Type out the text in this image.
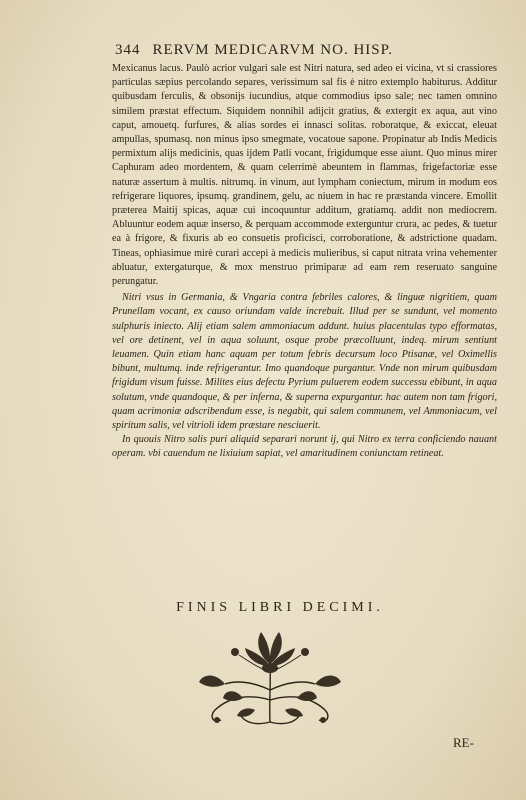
344 RERVM MEDICARVM NO. HISP.

Mexicanus lacus. Paulò acrior vulgari sale est Nitri natura, sed adeo ei vicina, vt si crassiores particulas sæpius percolando separes, verissimum sal fis è nitro extemplo habiturus. Additur quibusdam ferculis, & obsonijs iucundius, atque commodius ipso sale; nec tamen omnino similem præstat effectum. Siquidem nonnihil adijcit gratius, & extergit ex aqua, aut vino caput, amouetq. furfures, & alias sordes ei innasci solitas. roboratque, & exiccat, eleuat ampullas, spumasq. non minus ipso smegmate, vocatoue sapone. Propinatur ab Indis Medicis permixtum alijs medicinis, quas ijdem Patli vocant, frigidumque esse aiunt. Quo minus mirer Caphuram adeo mordentem, & quam celerrimè abeuntem in flammas, frigefactoriæ esse naturæ assertum à multis. nitrumq. in vinum, aut lympham coniectum, mirum in modum eos refrigerare liquores, ipsumq. grandinem, gelu, ac niuem in hac re præstanda vincere. Emollit præterea Maitij spicas, aquæ cui incoquuntur additum, gratiamq. addit non mediocrem. Abluuntur eodem aquæ inserso, & perquam accommode exterguntur crura, ac pedes, & tuetur ea à frigore, & fixuris ab eo consuetis proficisci, corroboratione, & adstrictione quadam. Tineas, ophiasimue mirè curari accepi à medicis mulieribus, si caput nitrata vrina vehementer abluatur, extergaturque, & mox menstruo primiparæ ad eam rem reseruato sanguine perungatur.

Nitri vsus in Germania, & Vngaria contra febriles calores, & linguæ nigritiem, quam Prunellam vocant, ex causo oriundam valde increbuit. Illud per se sundunt, vel momento sulphuris iniecto. Alij etiam salem ammoniacum addunt. huius placentulas typo efformatas, vel ore detinent, vel in aqua soluunt, osque probe præcolluunt, indeq. mirum sentiunt leuamen. Quin etiam hanc aquam per totum febris decursum loco Ptisanæ, vel Oximellis bibunt, multumq. inde refrigerantur. Imo quandoque purgantur. Vnde non mirum quibusdam frigidum visum fuisse. Milites eius defectu Pyrium puluerem eodem successu ebibunt, in aqua solutum, vnde quandoque, & per inferna, & superna expurgantur. hac autem non tam frigori, quam acrimoniæ adscribendum esse, is negabit, qui salem communem, vel Ammoniacum, vel spiritum salis, vel vitrioli idem præstare nesciuerit.

In quouis Nitro salis puri aliquid separari norunt ij, qui Nitro ex terra conficiendo nauant operam. vbi cauendum ne lixiuium sapiat, vel amaritudinem coniunctam retineat.

FINIS LIBRI DECIMI.
RE-
